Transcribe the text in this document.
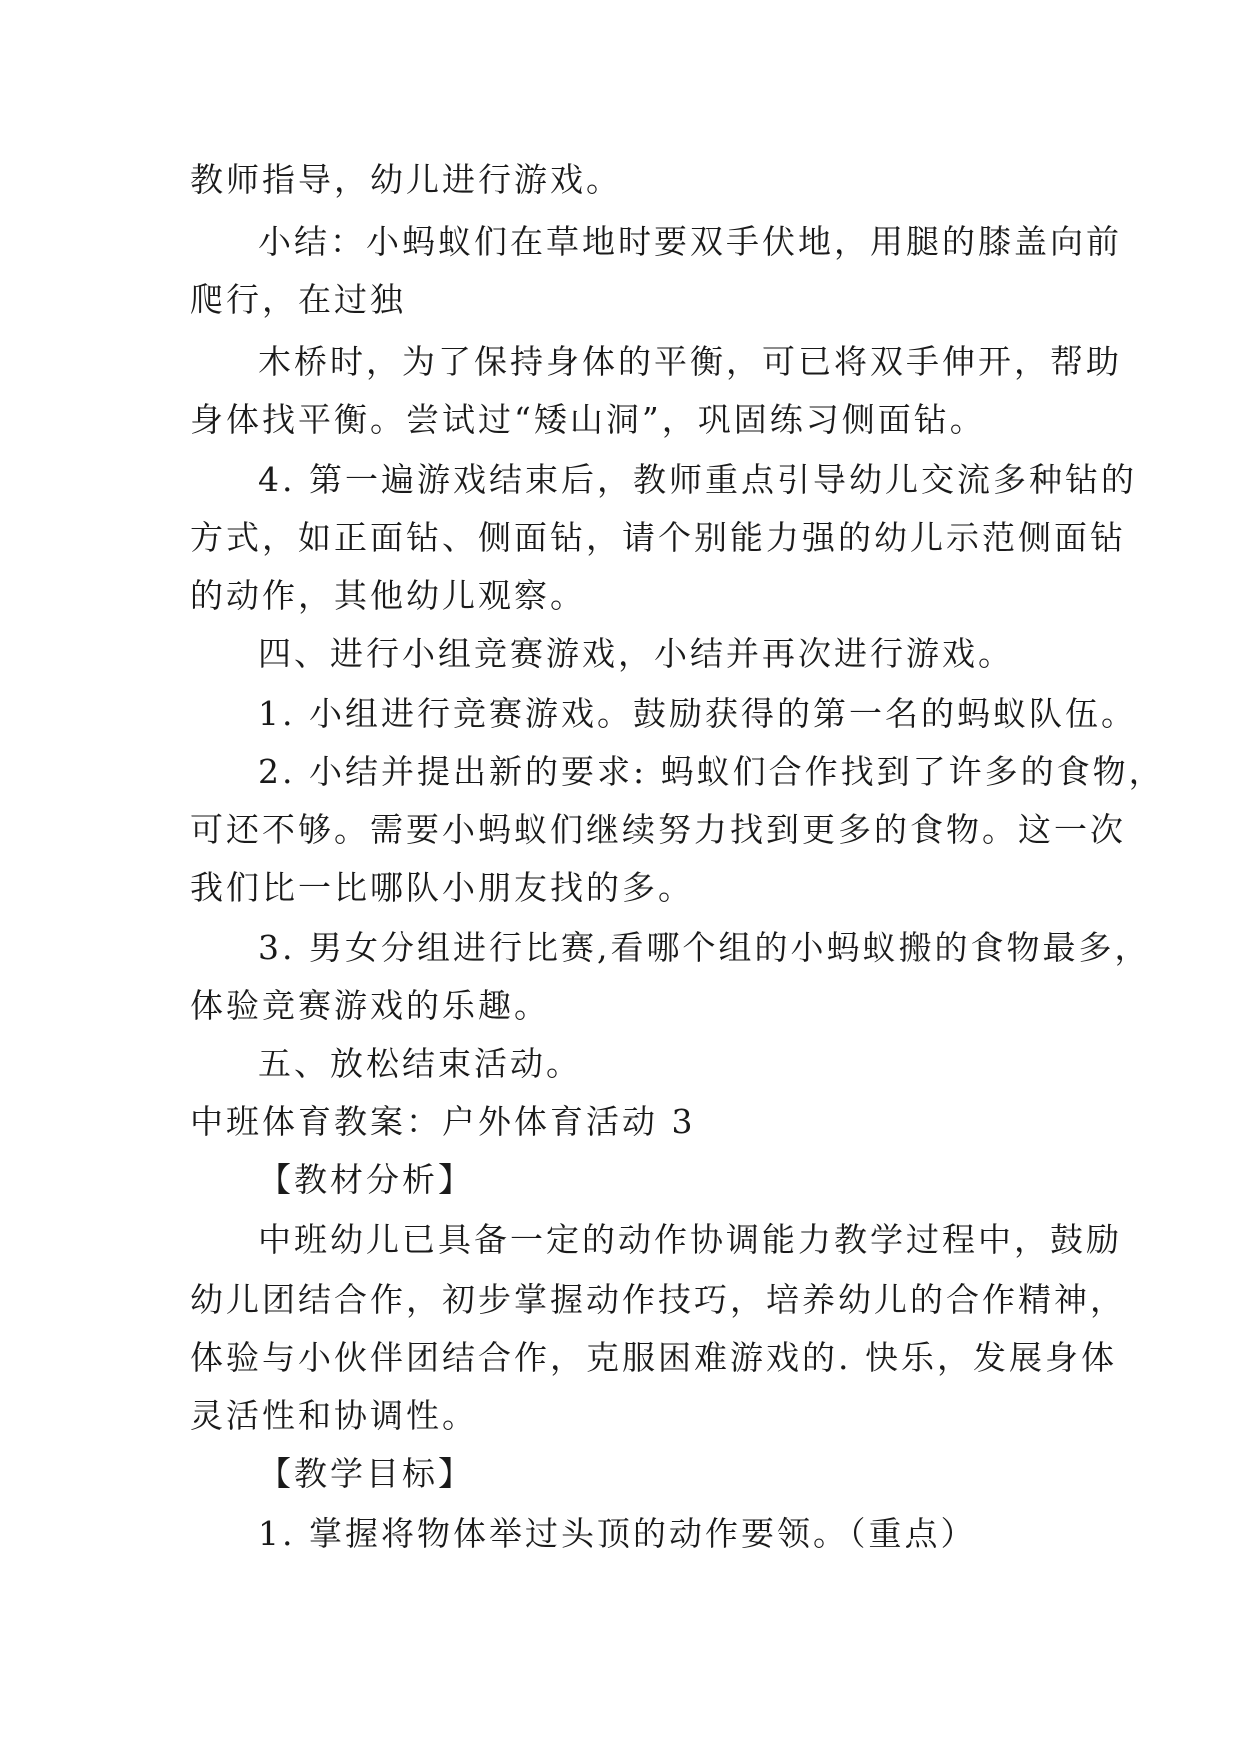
教师指导，幼儿进行游戏。
小结：小蚂蚁们在草地时要双手伏地，用腿的膝盖向前
爬行，在过独
木桥时，为了保持身体的平衡，可已将双手伸开，帮助
身体找平衡。尝试过“矮山洞”，巩固练习侧面钻。
4. 第一遍游戏结束后，教师重点引导幼儿交流多种钻的
方式，如正面钻、侧面钻，请个别能力强的幼儿示范侧面钻
的动作，其他幼儿观察。
四、进行小组竞赛游戏，小结并再次进行游戏。
1. 小组进行竞赛游戏。鼓励获得的第一名的蚂蚁队伍。
2. 小结并提出新的要求: 蚂蚁们合作找到了许多的食物，
可还不够。需要小蚂蚁们继续努力找到更多的食物。这一次
我们比一比哪队小朋友找的多。
3. 男女分组进行比赛,看哪个组的小蚂蚁搬的食物最多，
体验竞赛游戏的乐趣。
五、放松结束活动。
中班体育教案：户外体育活动 3
【教材分析】
中班幼儿已具备一定的动作协调能力教学过程中，鼓励
幼儿团结合作，初步掌握动作技巧，培养幼儿的合作精神，
体验与小伙伴团结合作，克服困难游戏的. 快乐，发展身体
灵活性和协调性。
【教学目标】
1. 掌握将物体举过头顶的动作要领。（重点）
